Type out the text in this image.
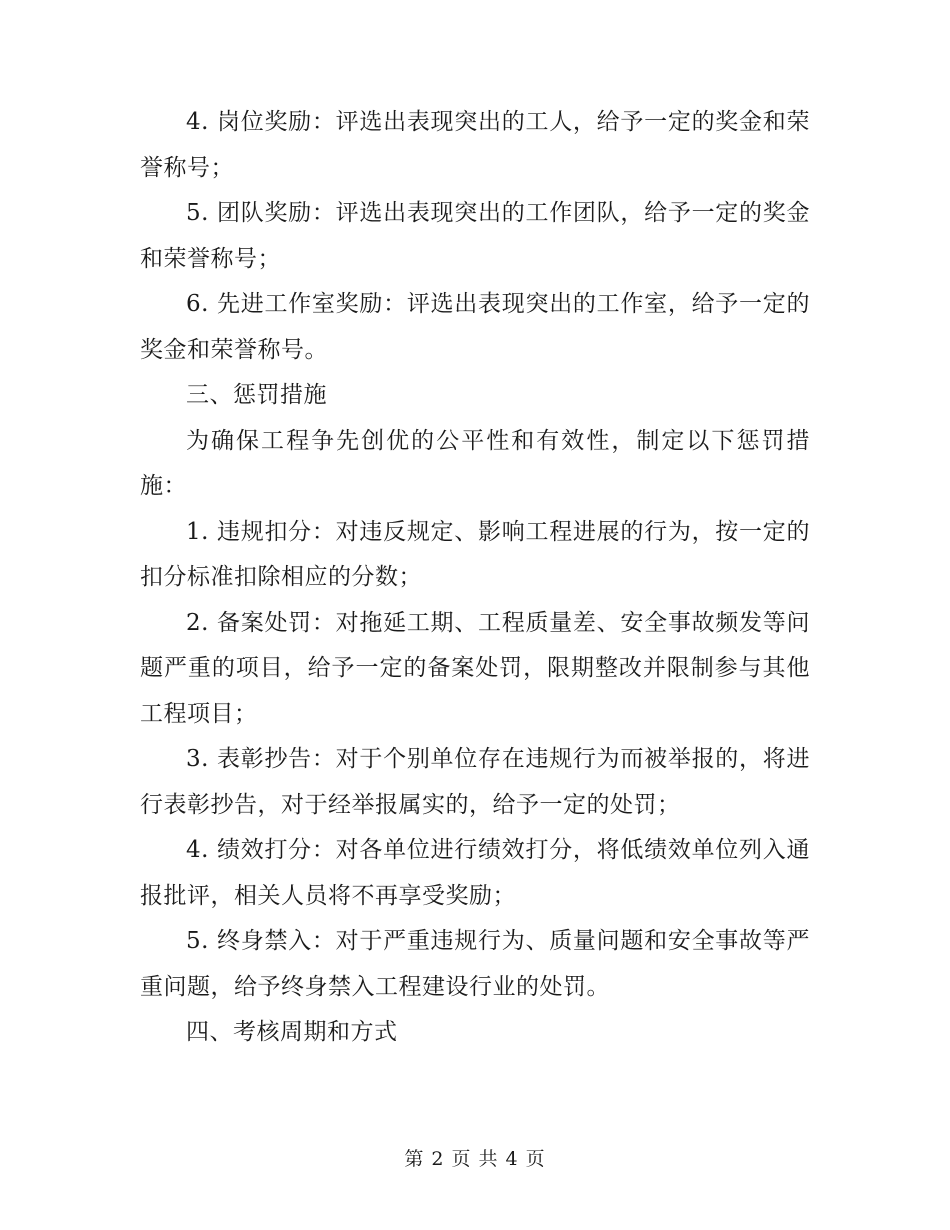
4. 岗位奖励：评选出表现突出的工人，给予一定的奖金和荣誉称号；

5. 团队奖励：评选出表现突出的工作团队，给予一定的奖金和荣誉称号；

6. 先进工作室奖励：评选出表现突出的工作室，给予一定的奖金和荣誉称号。

三、惩罚措施

为确保工程争先创优的公平性和有效性，制定以下惩罚措施：

1. 违规扣分：对违反规定、影响工程进展的行为，按一定的扣分标准扣除相应的分数；

2. 备案处罚：对拖延工期、工程质量差、安全事故频发等问题严重的项目，给予一定的备案处罚，限期整改并限制参与其他工程项目；

3. 表彰抄告：对于个别单位存在违规行为而被举报的，将进行表彰抄告，对于经举报属实的，给予一定的处罚；

4. 绩效打分：对各单位进行绩效打分，将低绩效单位列入通报批评，相关人员将不再享受奖励；

5. 终身禁入：对于严重违规行为、质量问题和安全事故等严重问题，给予终身禁入工程建设行业的处罚。

四、考核周期和方式

第 2 页 共 4 页
